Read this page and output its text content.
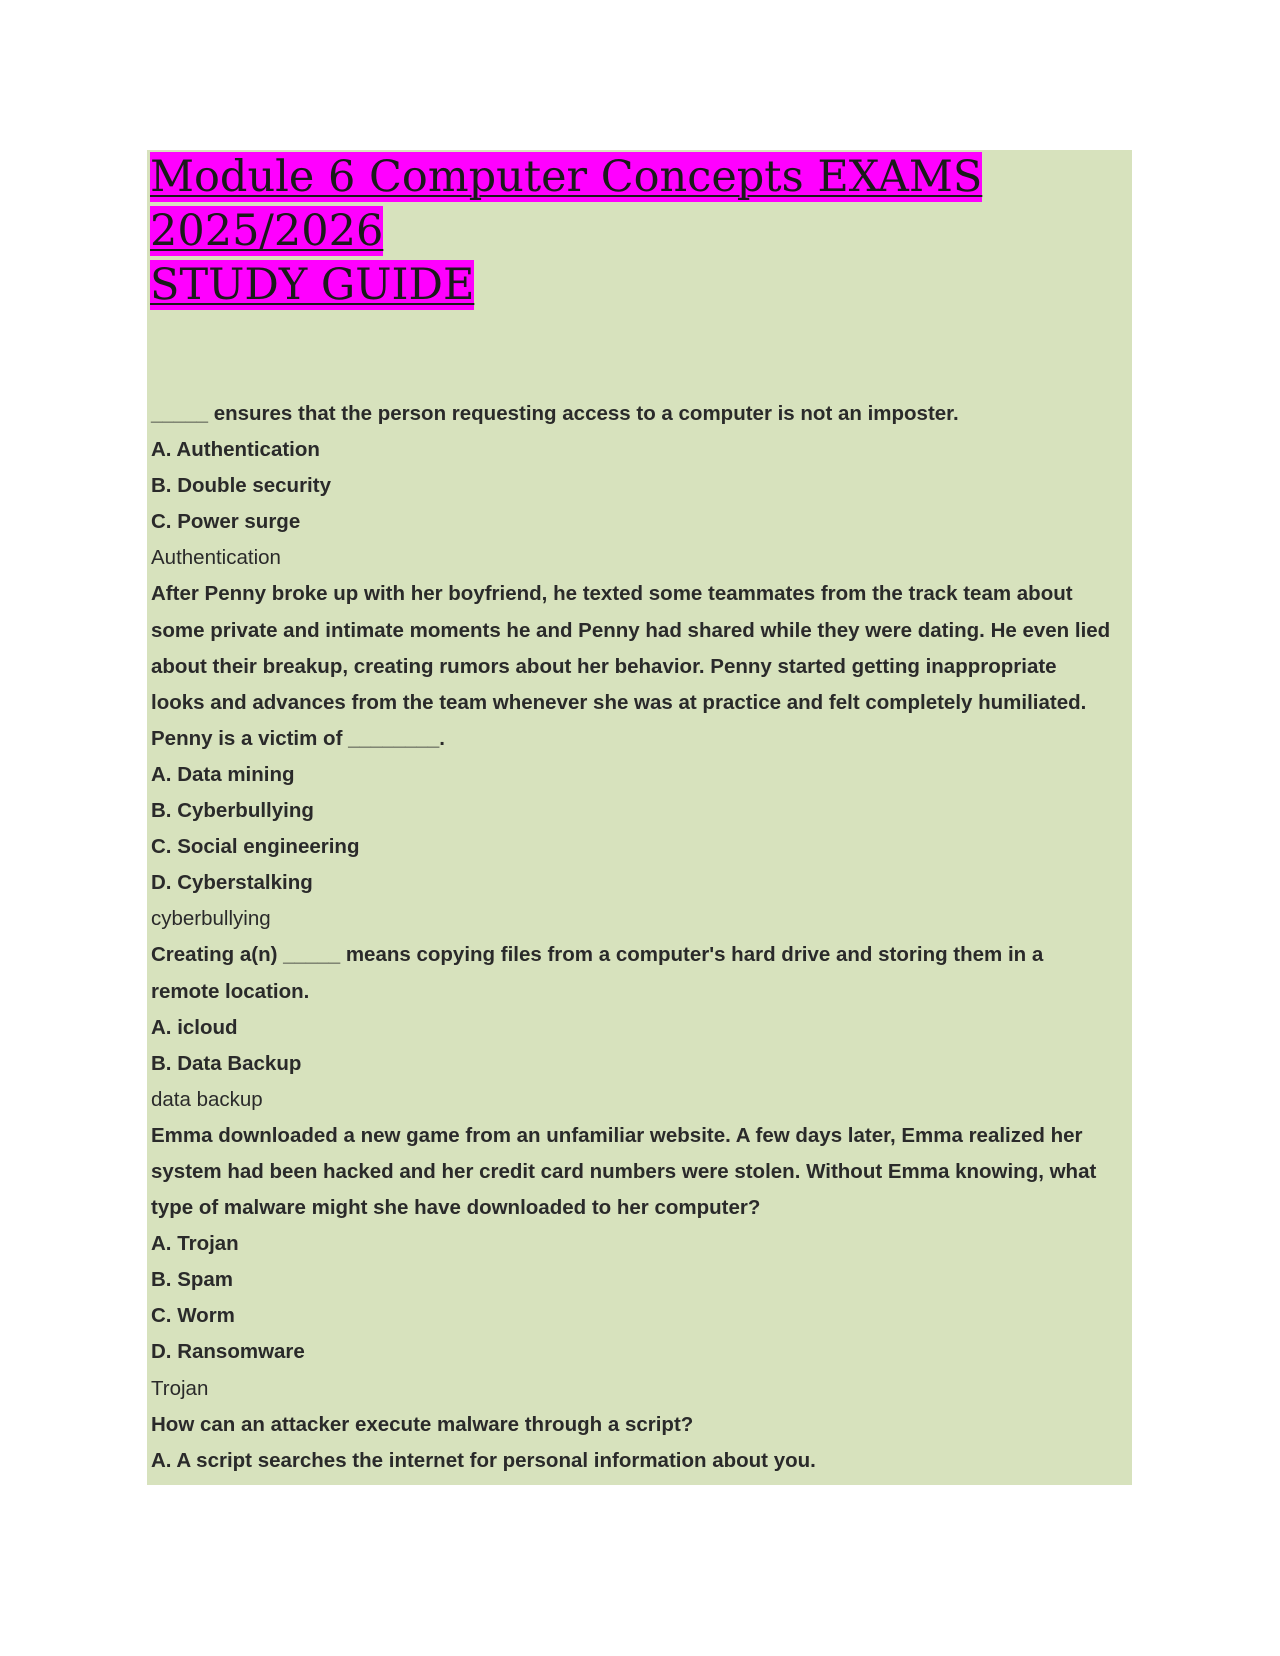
Module 6 Computer Concepts EXAMS 2025/2026
STUDY GUIDE
_____ ensures that the person requesting access to a computer is not an imposter.
A. Authentication
B. Double security
C. Power surge
Authentication
After Penny broke up with her boyfriend, he texted some teammates from the track team about
some private and intimate moments he and Penny had shared while they were dating. He even lied
about their breakup, creating rumors about her behavior. Penny started getting inappropriate
looks and advances from the team whenever she was at practice and felt completely humiliated.
Penny is a victim of ________.
A. Data mining
B. Cyberbullying
C. Social engineering
D. Cyberstalking
cyberbullying
Creating a(n) _____ means copying files from a computer's hard drive and storing them in a
remote location.
A. icloud
B. Data Backup
data backup
Emma downloaded a new game from an unfamiliar website. A few days later, Emma realized her
system had been hacked and her credit card numbers were stolen. Without Emma knowing, what
type of malware might she have downloaded to her computer?
A. Trojan
B. Spam
C. Worm
D. Ransomware
Trojan
How can an attacker execute malware through a script?
A. A script searches the internet for personal information about you.
